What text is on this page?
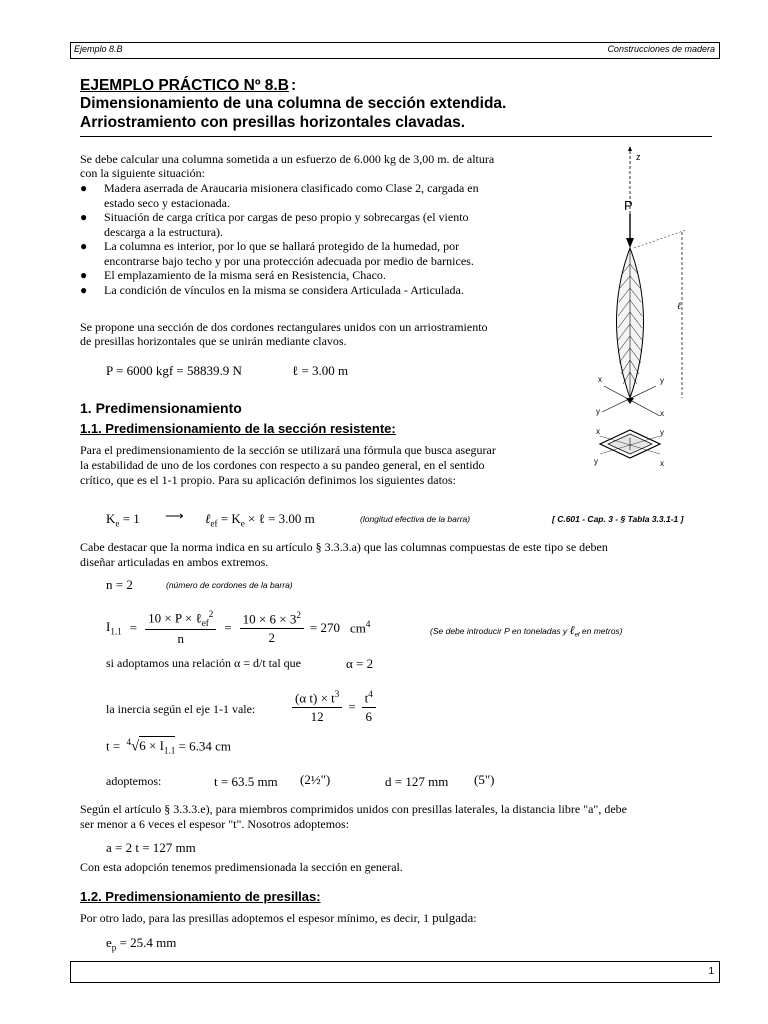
Ejemplo 8.B	Construcciones de madera
EJEMPLO PRÁCTICO Nº 8.B :
Dimensionamiento de una columna de sección extendida.
Arriostramiento con presillas horizontales clavadas.
Se debe calcular una columna sometida a un esfuerzo de 6.000 kg de 3,00 m. de altura
con la siguiente situación:
● Madera aserrada de Araucaria misionera clasificado como Clase 2, cargada en
estado seco y estacionada.
● Situación de carga crítica por cargas de peso propio y sobrecargas (el viento
descarga a la estructura).
● La columna es interior, por lo que se hallará protegido de la humedad, por
encontrarse bajo techo y por una protección adecuada por medio de barnices.
● El emplazamiento de la misma será en Resistencia, Chaco.
● La condición de vínculos en la misma se considera Articulada - Articulada.
Se propone una sección de dos cordones rectangulares unidos con un arriostramiento
de presillas horizontales que se unirán mediante clavos.
P = 6000 kgf = 58839.9 N	ℓ = 3.00 m
z
P
ℓ
x	y
y	x
x	y
y	x
1. Predimensionamiento
1.1. Predimensionamiento de la sección resistente:
Para el predimensionamiento de la sección se utilizará una fórmula que busca asegurar
la estabilidad de uno de los cordones con respecto a su pandeo general, en el sentido
crítico, que es el 1-1 propio. Para su aplicación definimos los siguientes datos:
$K_e = 1$ ⟶ ℓ$_{ef}$ = $K_e$ × ℓ = 3.00 m	(longitud efectiva de la barra)	[ C.601 - Cap. 3 - § Tabla 3.3.1-1 ]
Cabe destacar que la norma indica en su artículo § 3.3.3.a) que las columnas compuestas de este tipo se deben
diseñar articuladas en ambos extremos.
n = 2	(número de cordones de la barra)
$I_{1.1} = \frac{10 \times P \times \ell_{ef}^2}{n} = \frac{10 \times 6 \times 3^2}{2} = 270$ $cm^4$
(Se debe introducir P en toneladas y ℓ$_{ef}$ en metros)
si adoptamos una relación α = d/t tal que	α = 2
la inercia según el eje 1-1 vale:	$\frac{(\alpha t) \times t^3}{12} = \frac{t^4}{6}$
$t = ^4√6 \times I_{1.1} = 6.34$ cm
adoptemos:	t = 63.5 mm (2½")	d = 127 mm (5")
Según el artículo § 3.3.3.e), para miembros comprimidos unidos con presillas laterales, la distancia libre "a", debe
ser menor a 6 veces el espesor "t". Nosotros adoptemos:
a = 2 t = 127 mm
Con esta adopción tenemos predimensionada la sección en general.
1.2. Predimensionamiento de presillas:
Por otro lado, para las presillas adoptemos el espesor mínimo, es decir, 1 pulgada:
$e_p = 25.4$ mm
1
